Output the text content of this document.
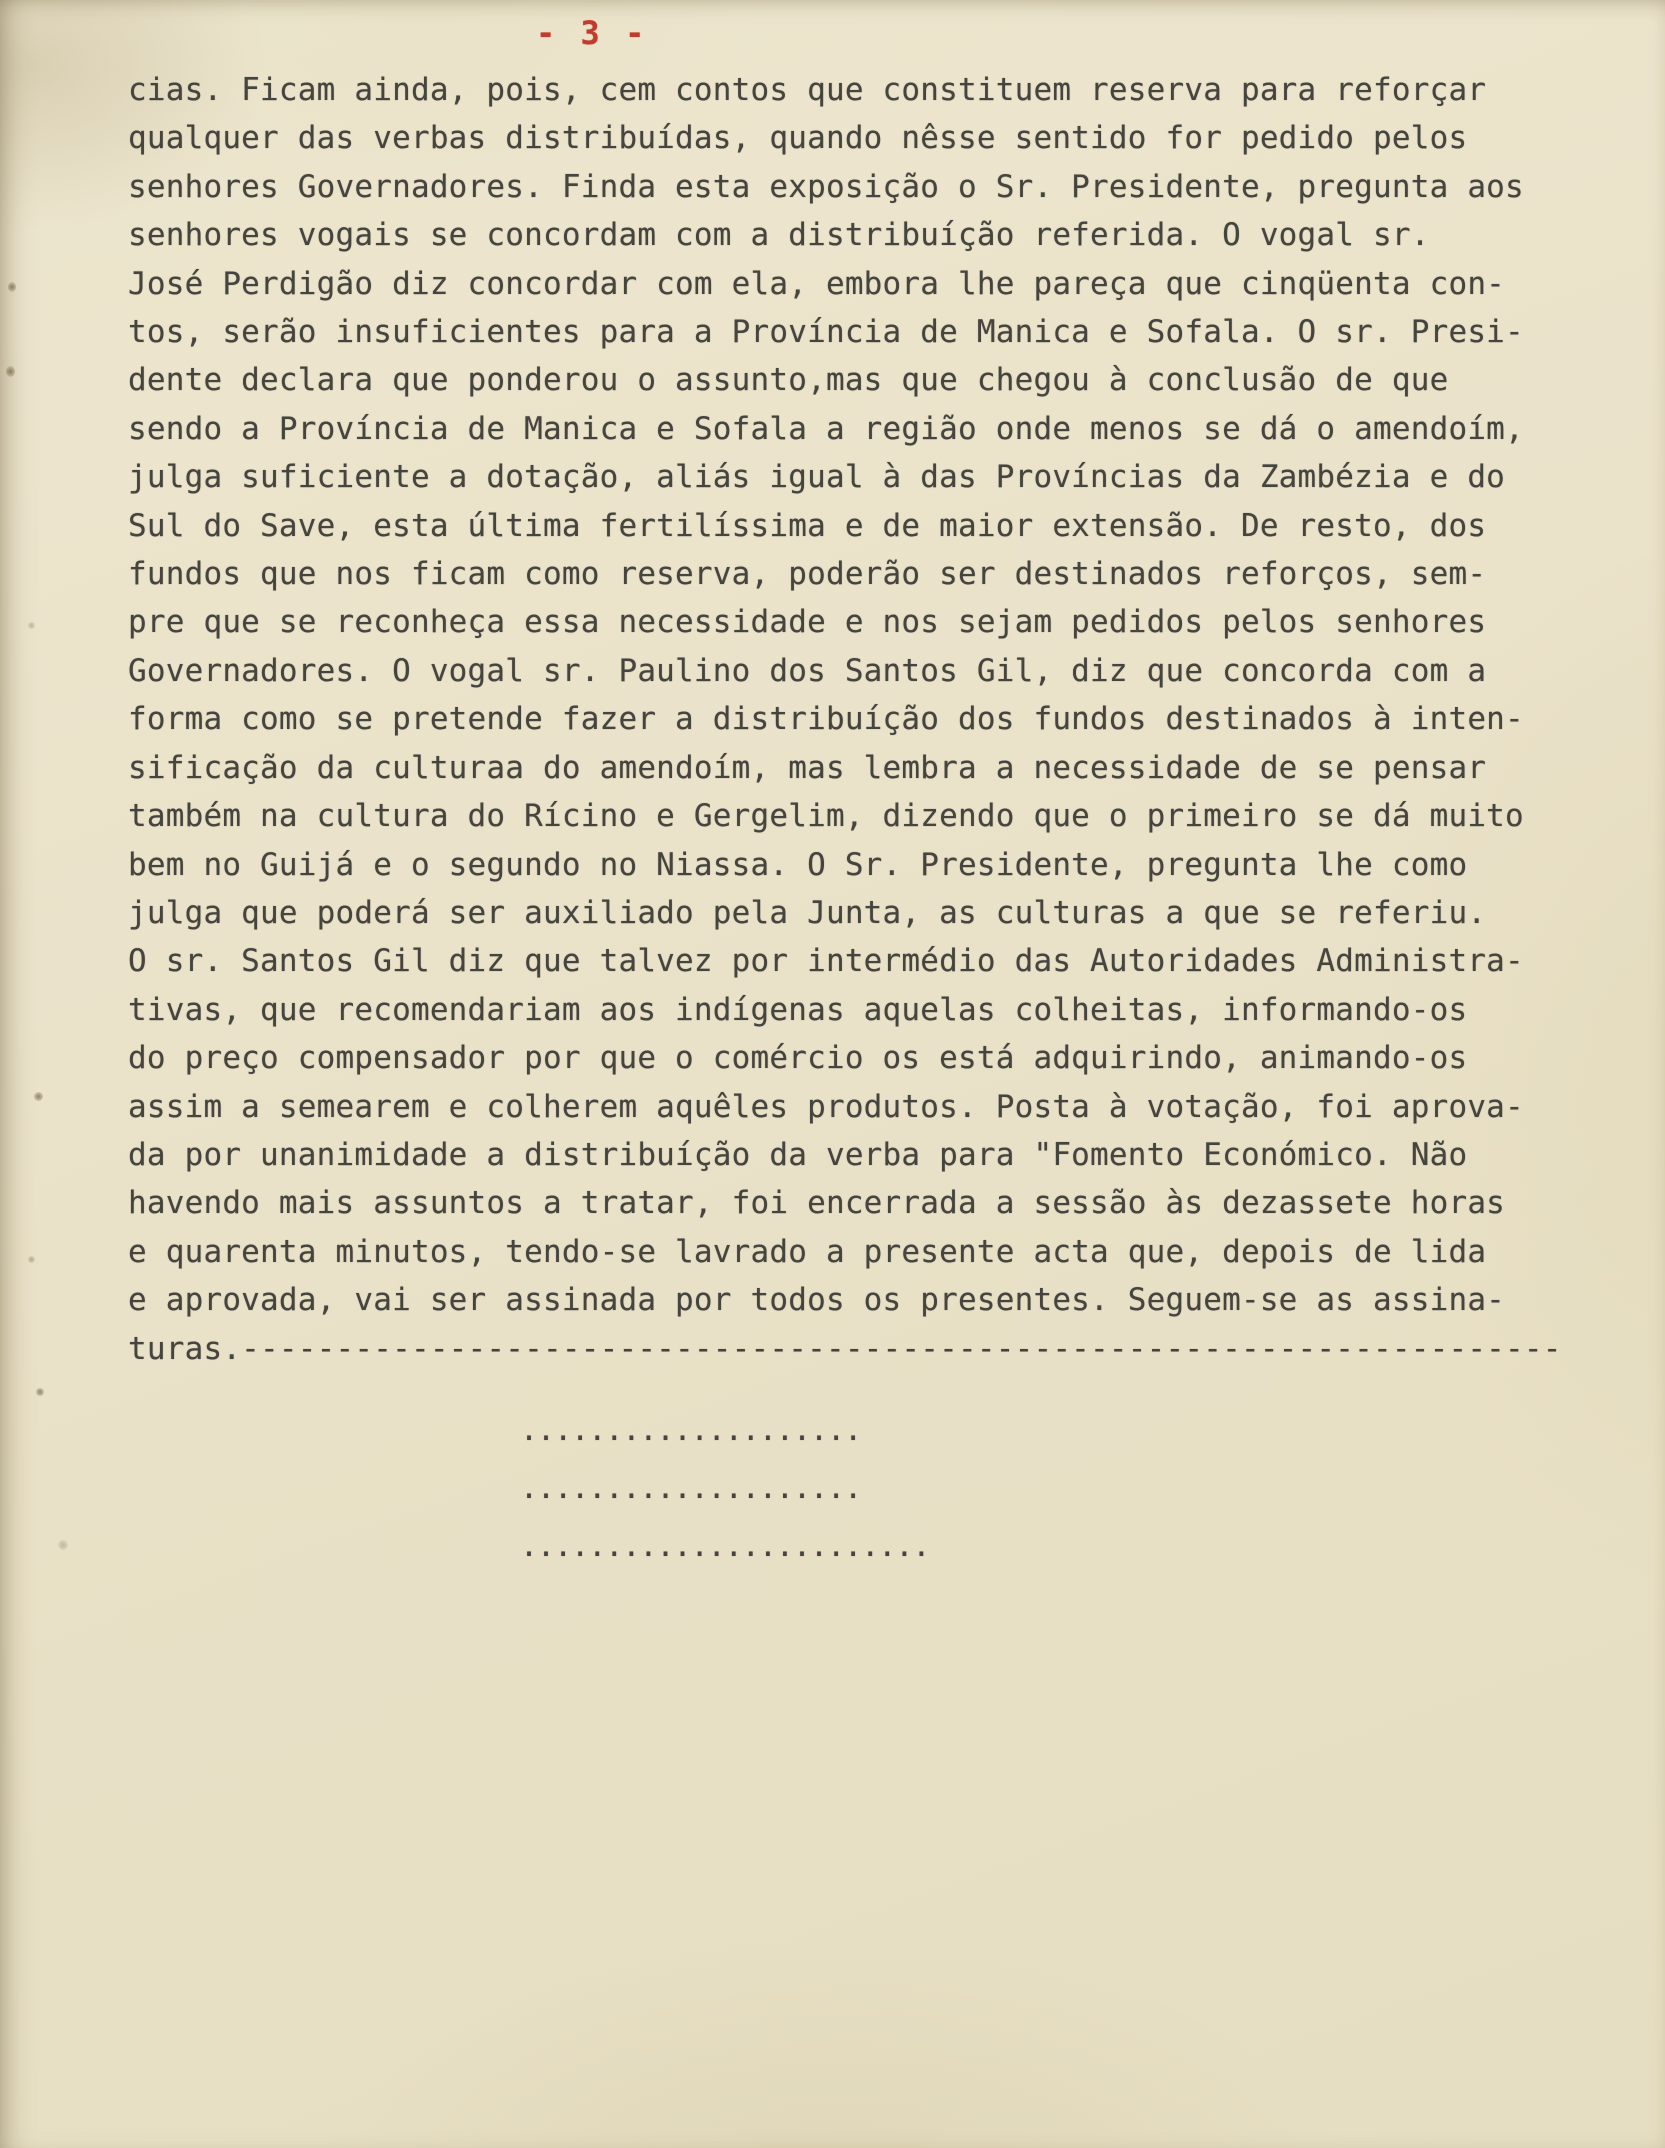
- 3 -
cias. Ficam ainda, pois, cem contos que constituem reserva para reforçar
qualquer das verbas distribuídas, quando nêsse sentido for pedido pelos
senhores Governadores. Finda esta exposição o Sr. Presidente, pregunta aos
senhores vogais se concordam com a distribuíção referida. O vogal sr.
José Perdigão diz concordar com ela, embora lhe pareça que cinqüenta con-
tos, serão insuficientes para a Província de Manica e Sofala. O sr. Presi-
dente declara que ponderou o assunto,mas que chegou à conclusão de que
sendo a Província de Manica e Sofala a região onde menos se dá o amendoím,
julga suficiente a dotação, aliás igual à das Províncias da Zambézia e do
Sul do Save, esta última fertilíssima e de maior extensão. De resto, dos
fundos que nos ficam como reserva, poderão ser destinados reforços, sem-
pre que se reconheça essa necessidade e nos sejam pedidos pelos senhores
Governadores. O vogal sr. Paulino dos Santos Gil, diz que concorda com a
forma como se pretende fazer a distribuíção dos fundos destinados à inten-
sificação da culturaa do amendoím, mas lembra a necessidade de se pensar
também na cultura do Rícino e Gergelim, dizendo que o primeiro se dá muito
bem no Guijá e o segundo no Niassa. O Sr. Presidente, pregunta lhe como
julga que poderá ser auxiliado pela Junta, as culturas a que se referiu.
O sr. Santos Gil diz que talvez por intermédio das Autoridades Administra-
tivas, que recomendariam aos indígenas aquelas colheitas, informando-os
do preço compensador por que o comércio os está adquirindo, animando-os
assim a semearem e colherem aquêles produtos. Posta à votação, foi aprova-
da por unanimidade a distribuíção da verba para "Fomento Económico. Não
havendo mais assuntos a tratar, foi encerrada a sessão às dezassete horas
e quarenta minutos, tendo-se lavrado a presente acta que, depois de lida
e aprovada, vai ser assinada por todos os presentes. Seguem-se as assina-
turas.----------------------------------------------------------------------
....................
....................
........................
